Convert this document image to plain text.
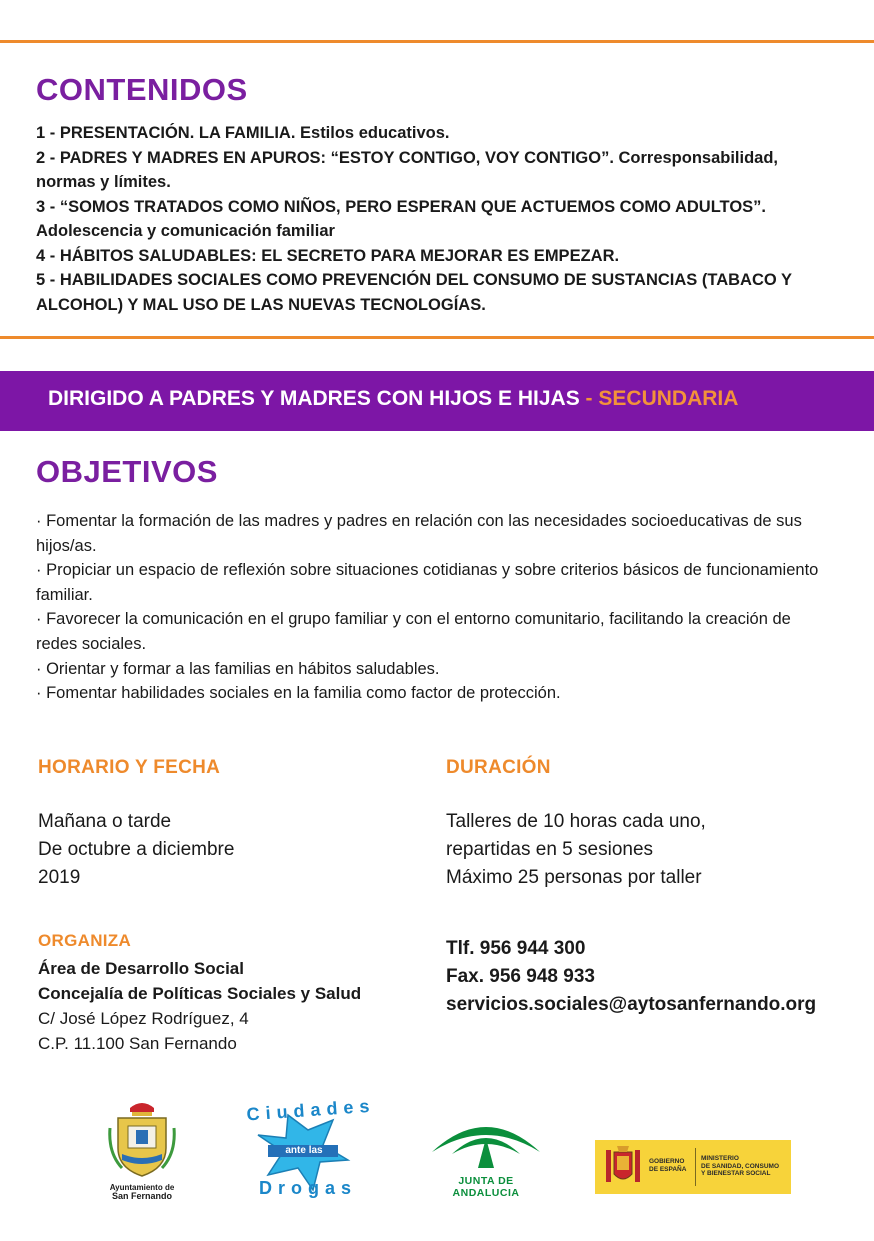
CONTENIDOS
1 - PRESENTACIÓN. LA FAMILIA. Estilos educativos.
2 - PADRES Y MADRES EN APUROS: “ESTOY CONTIGO, VOY CONTIGO”. Corresponsabilidad, normas y límites.
3 - “SOMOS TRATADOS COMO NIÑOS, PERO ESPERAN QUE ACTUEMOS COMO ADULTOS”. Adolescencia y comunicación familiar
4 - HÁBITOS SALUDABLES: EL SECRETO PARA MEJORAR ES EMPEZAR.
5 - HABILIDADES SOCIALES COMO PREVENCIÓN DEL CONSUMO DE SUSTANCIAS (TABACO Y ALCOHOL) Y MAL USO DE LAS NUEVAS TECNOLOGÍAS.
DIRIGIDO A PADRES Y MADRES CON HIJOS E HIJAS - SECUNDARIA
OBJETIVOS
· Fomentar la formación de las madres y padres en relación con las necesidades socioeducativas de sus hijos/as.
· Propiciar un espacio de reflexión sobre situaciones cotidianas y sobre criterios básicos de funcionamiento familiar.
· Favorecer la comunicación en el grupo familiar y con el entorno comunitario, facilitando la creación de redes sociales.
· Orientar y formar a las familias en hábitos saludables.
· Fomentar habilidades sociales en la familia como factor de protección.
HORARIO Y FECHA
Mañana o tarde
De octubre a diciembre
2019
DURACIÓN
Talleres de 10 horas cada uno,
repartidas en 5 sesiones
Máximo 25 personas por taller
ORGANIZA
Área de Desarrollo Social
Concejalía de Políticas Sociales y Salud
C/ José López Rodríguez, 4
C.P. 11.100 San Fernando
Tlf. 956 944 300
Fax. 956 948 933
servicios.sociales@aytosanfernando.org
Ayuntamiento de
San Fernando
Ciudades
ante las
Drogas	JUNTA DE ANDALUCIA
GOBIERNO
DE ESPAÑA
MINISTERIO
DE SANIDAD, CONSUMO
Y BIENESTAR SOCIAL
